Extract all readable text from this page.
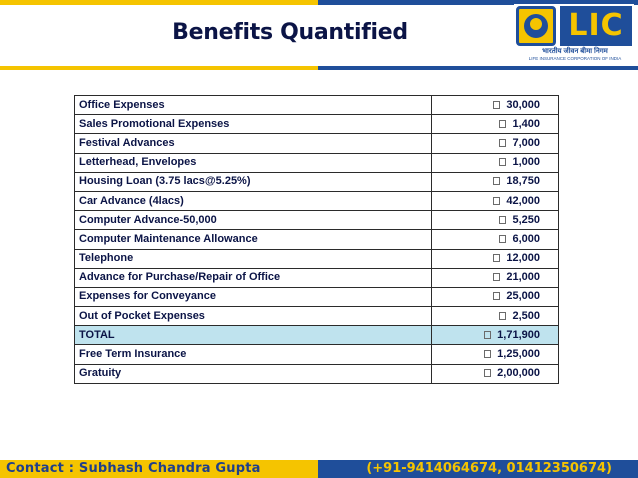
Benefits Quantified	LIC
भारतीय जीवन बीमा निगम
LIFE INSURANCE CORPORATION OF INDIA
Office Expenses	30,000
Sales Promotional Expenses	1,400
Festival Advances	7,000
Letterhead, Envelopes	1,000
Housing Loan (3.75 lacs@5.25%)	18,750
Car Advance (4lacs)	42,000
Computer Advance-50,000	5,250
Computer Maintenance Allowance	6,000
Telephone	12,000
Advance for Purchase/Repair of Office	21,000
Expenses for Conveyance	25,000
Out of Pocket Expenses	2,500
TOTAL	1,71,900
Free Term Insurance	1,25,000
Gratuity	2,00,000
Contact : Subhash Chandra Gupta	(+91-9414064674, 01412350674)
